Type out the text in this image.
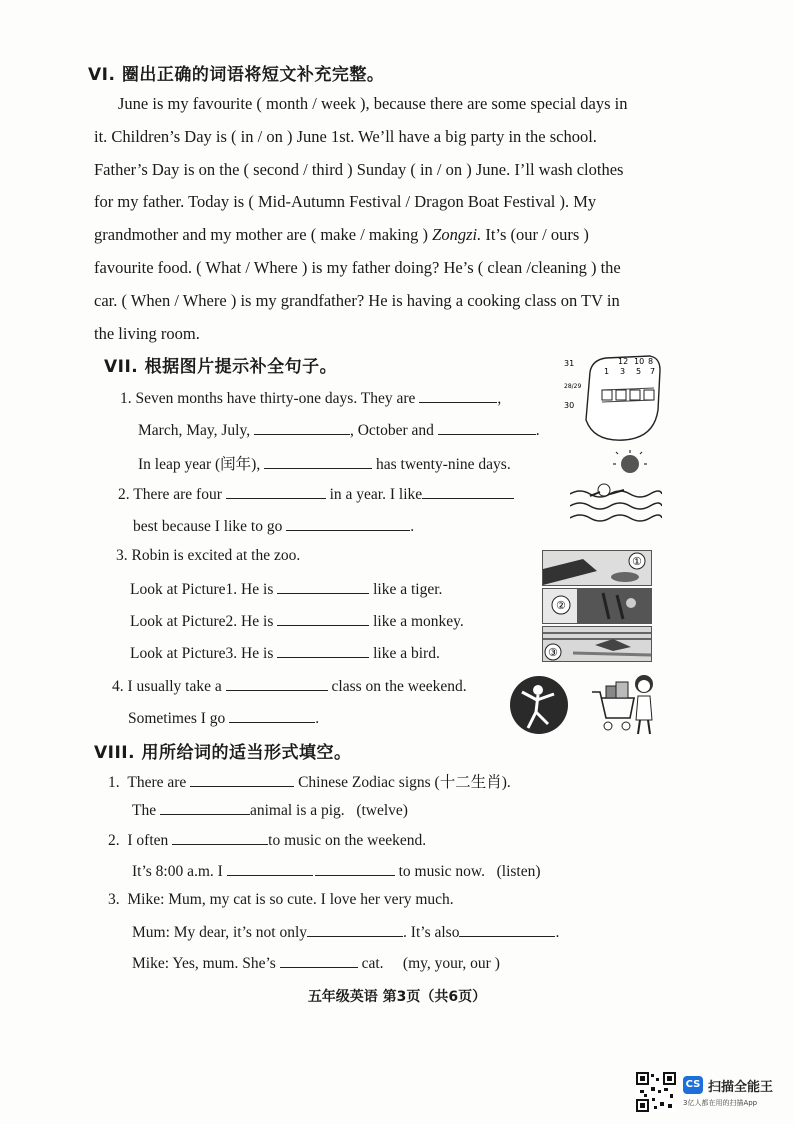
VI. 圈出正确的词语将短文补充完整。
June is my favourite ( month / week ), because there are some special days in
it. Children’s Day is ( in / on ) June 1st. We’ll have a big party in the school.
Father’s Day is on the ( second / third ) Sunday ( in / on ) June. I’ll wash clothes
for my father. Today is ( Mid-Autumn Festival / Dragon Boat Festival ). My
grandmother and my mother are ( make / making ) Zongzi. It’s (our / ours )
favourite food. ( What / Where ) is my father doing? He’s ( clean /cleaning ) the
car. ( When / Where ) is my grandfather? He is having a cooking class on TV in
the living room.
VII. 根据图片提示补全句子。
1. Seven months have thirty-one days. They are	,
March, May, July,	, October and	.
In leap year (闰年),	has twenty-nine days.
2. There are four	in a year. I like
best because I like to go	.
3. Robin is excited at the zoo.
Look at Picture1. He is	like a tiger.
Look at Picture2. He is	like a monkey.
Look at Picture3. He is	like a bird.
4. I usually take a	class on the weekend.
Sometimes I go	.
31
30
28/29
12 10 8
1 3 5 7
①
②
③
VIII. 用所给词的适当形式填空。
1. There are	Chinese Zodiac signs (十二生肖).
The	animal is a pig. (twelve)
2. I often	to music on the weekend.
It’s 8:00 a.m. I	to music now. (listen)
3. Mike: Mum, my cat is so cute. I love her very much.
Mum: My dear, it’s not only	. It’s also	.
Mike: Yes, mum. She’s	cat. (my, your, our )
五年级英语 第3页（共6页）
CS 扫描全能王
3亿人都在用的扫描App
